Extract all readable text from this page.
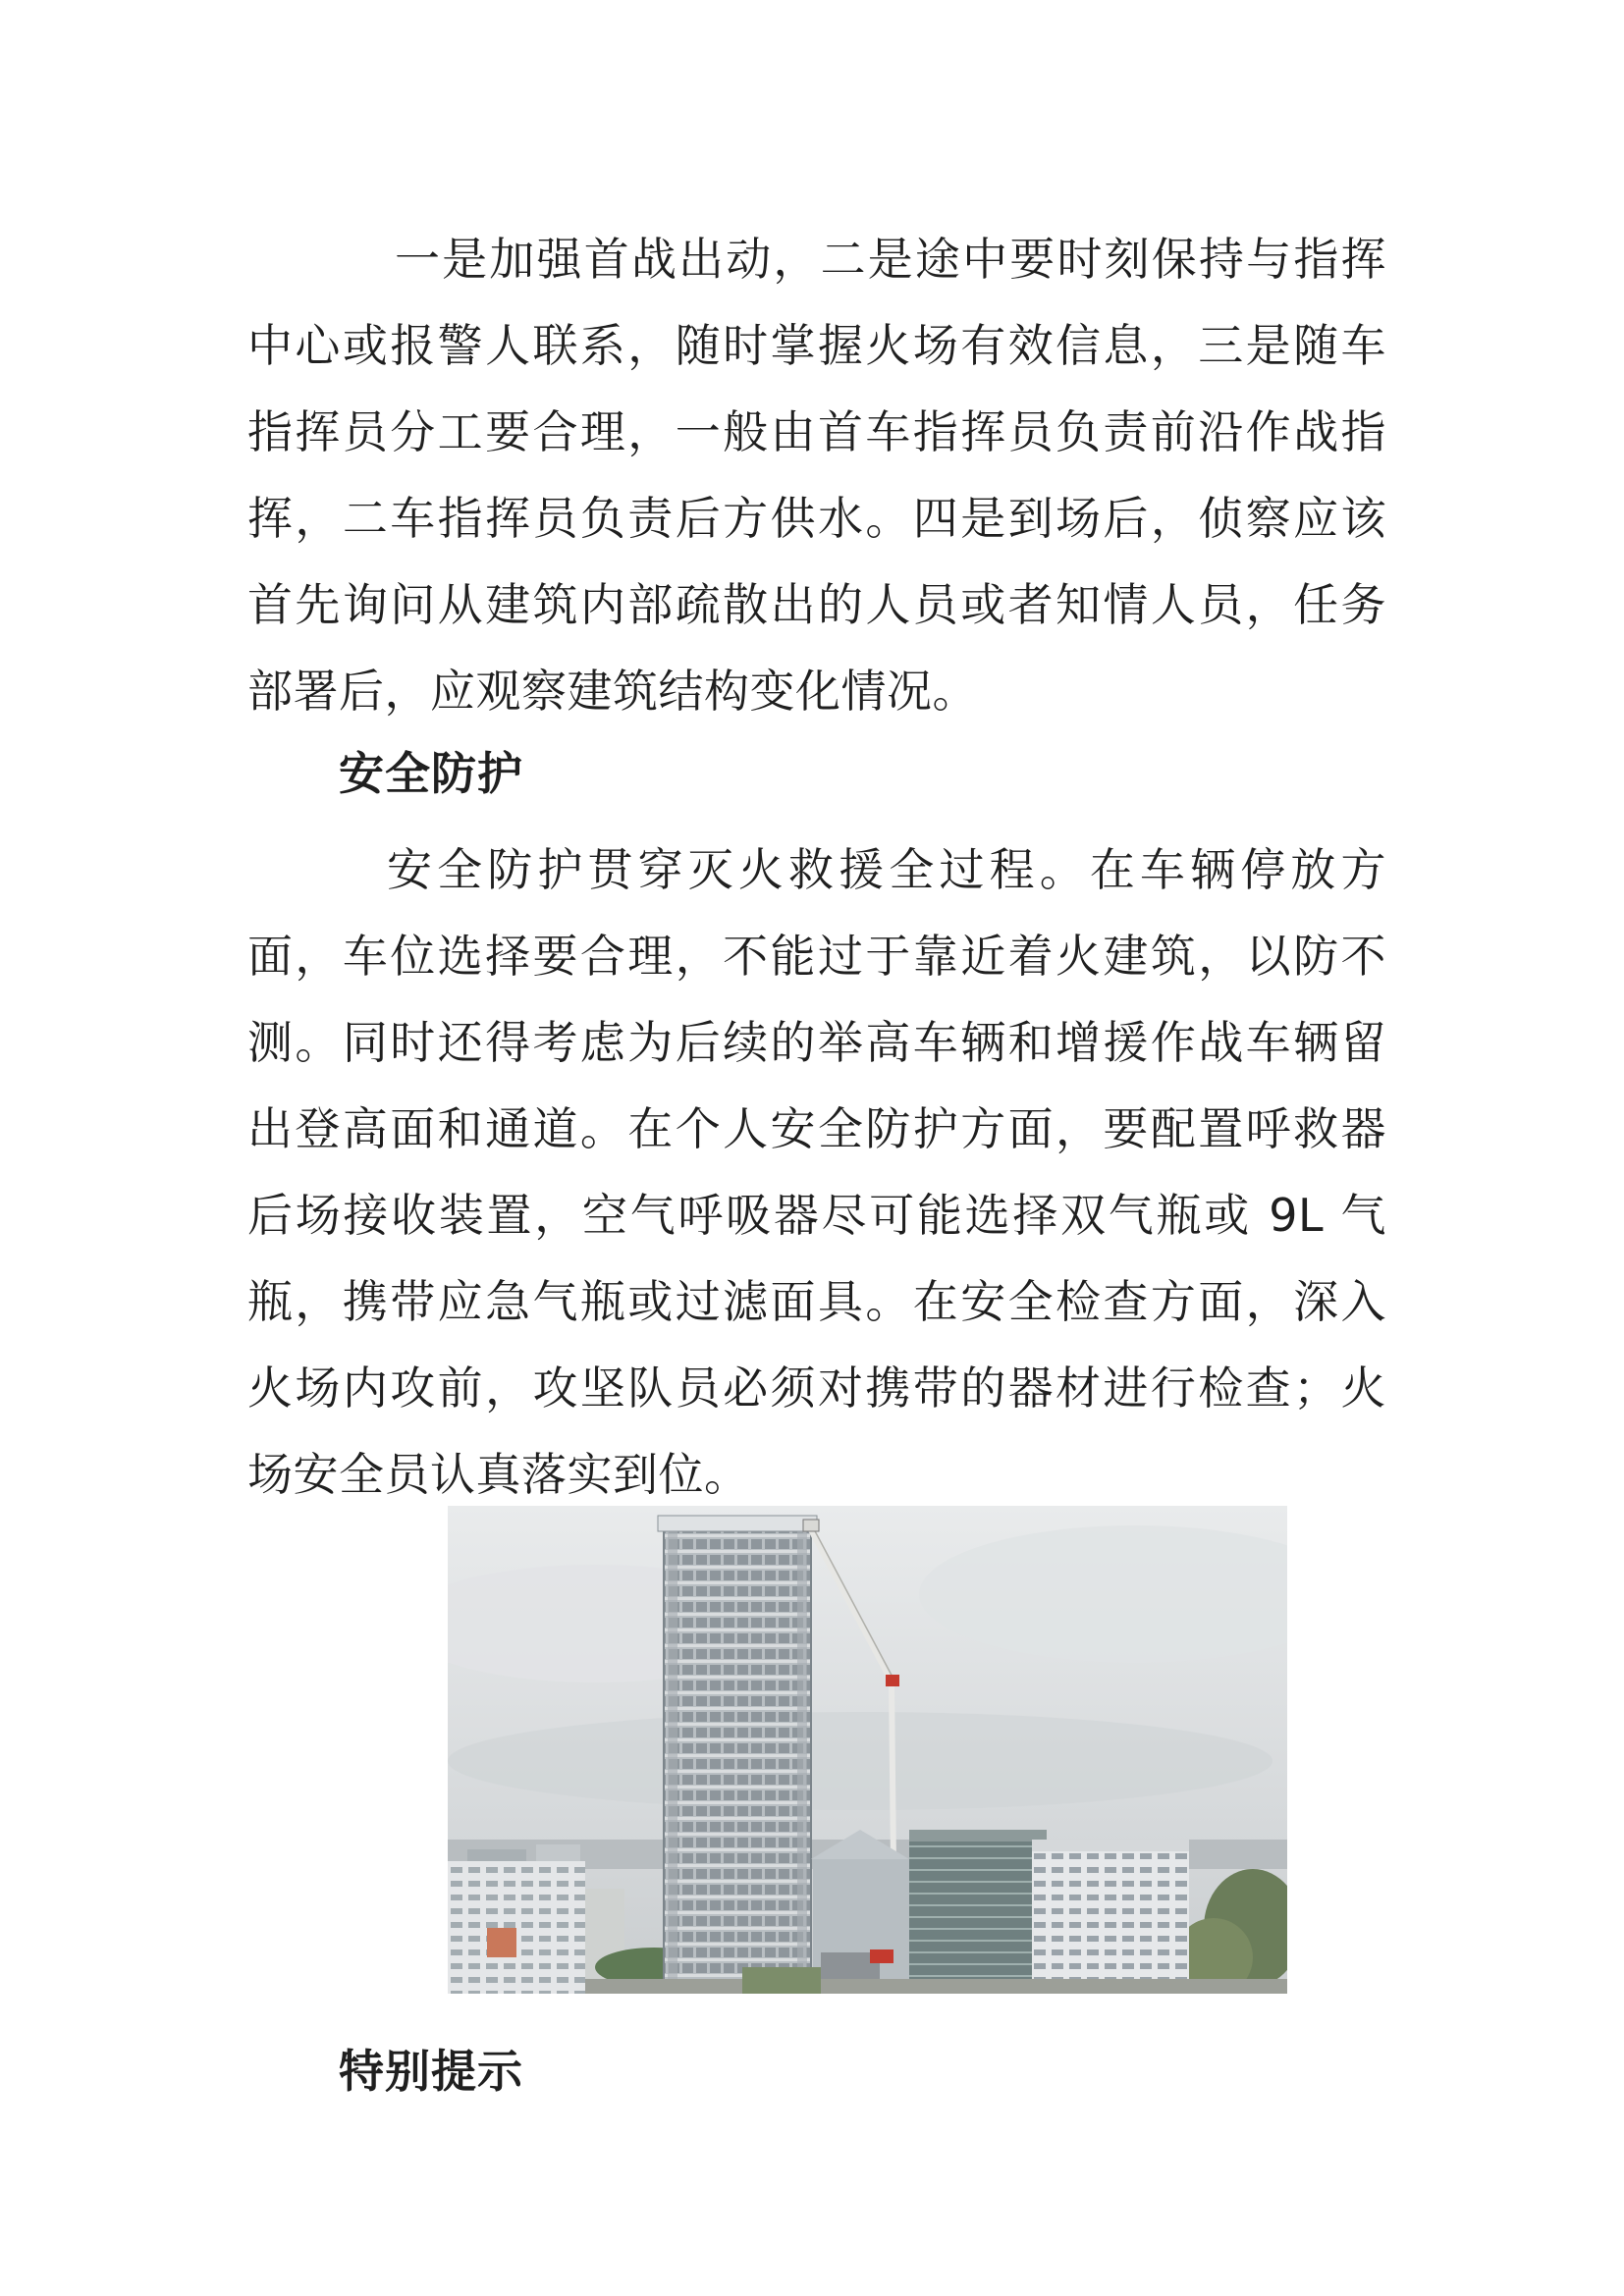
一是加强首战出动，二是途中要时刻保持与指挥中心或报警人联系，随时掌握火场有效信息，三是随车指挥员分工要合理，一般由首车指挥员负责前沿作战指挥，二车指挥员负责后方供水。四是到场后，侦察应该首先询问从建筑内部疏散出的人员或者知情人员，任务部署后，应观察建筑结构变化情况。

安全防护

安全防护贯穿灭火救援全过程。在车辆停放方面，车位选择要合理，不能过于靠近着火建筑，以防不测。同时还得考虑为后续的举高车辆和增援作战车辆留出登高面和通道。在个人安全防护方面，要配置呼救器后场接收装置，空气呼吸器尽可能选择双气瓶或 9L 气瓶，携带应急气瓶或过滤面具。在安全检查方面，深入火场内攻前，攻坚队员必须对携带的器材进行检查；火场安全员认真落实到位。

特别提示
